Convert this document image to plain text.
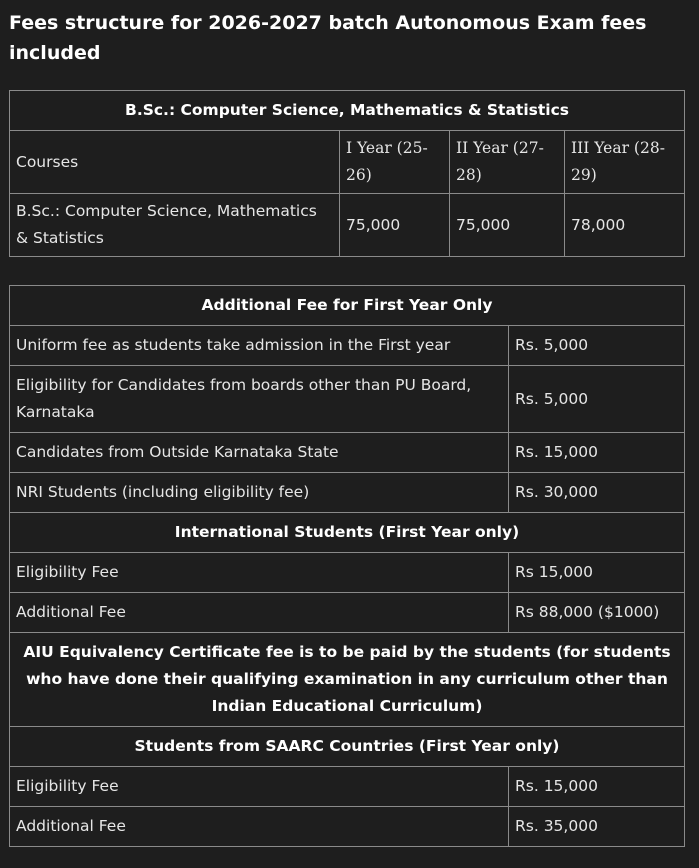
Fees structure for 2026-2027 batch Autonomous Exam fees included
B.Sc.: Computer Science, Mathematics & Statistics			
Courses	I Year (25-26)	II Year (27-28)	III Year (28-29)
B.Sc.: Computer Science, Mathematics & Statistics	75,000	75,000	78,000
Additional Fee for First Year Only	
Uniform fee as students take admission in the First year	Rs. 5,000
Eligibility for Candidates from boards other than PU Board, Karnataka	Rs. 5,000
Candidates from Outside Karnataka State	Rs. 15,000
NRI Students (including eligibility fee)	Rs. 30,000
International Students (First Year only)	
Eligibility Fee	Rs 15,000
Additional Fee	Rs 88,000 ($1000)
AIU Equivalency Certificate fee is to be paid by the students (for students who have done their qualifying examination in any curriculum other than Indian Educational Curriculum)	
Students from SAARC Countries (First Year only)	
Eligibility Fee	Rs. 15,000
Additional Fee	Rs. 35,000
